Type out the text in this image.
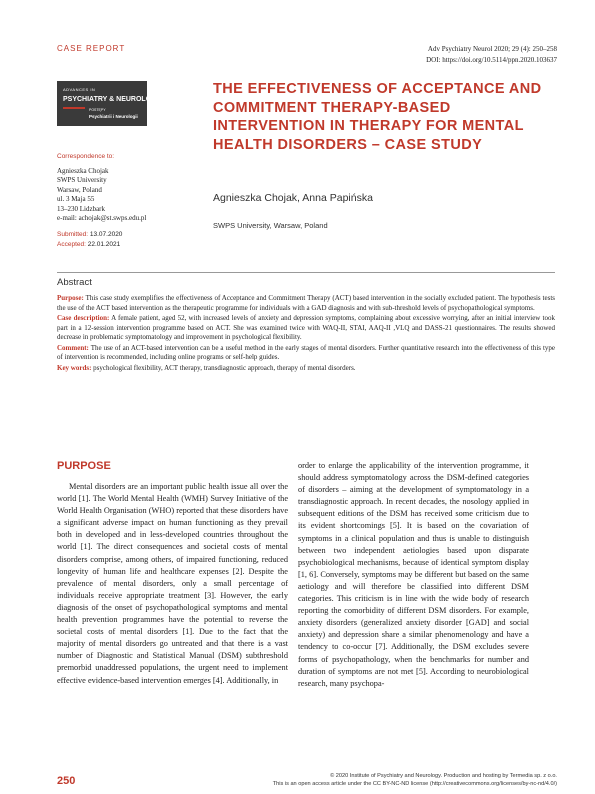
CASE REPORT	Adv Psychiatry Neurol 2020; 29 (4): 250–258
DOI: https://doi.org/10.5114/ppn.2020.103637
ADVANCES IN
PSYCHIATRY & NEUROLOGY
POSTĘPY
Psychiatrii i Neurologii
THE EFFECTIVENESS OF ACCEPTANCE AND COMMITMENT THERAPY-BASED INTERVENTION IN THERAPY FOR MENTAL HEALTH DISORDERS – CASE STUDY
Agnieszka Chojak, Anna Papińska
SWPS University, Warsaw, Poland
Correspondence to:
Agnieszka Chojak
SWPS University
Warsaw, Poland
ul. 3 Maja 55
13–230 Lidzbark
e-mail: achojak@st.swps.edu.pl
Submitted: 13.07.2020
Accepted: 22.01.2021
Abstract

Purpose: This case study exemplifies the effectiveness of Acceptance and Commitment Therapy (ACT) based intervention in the socially excluded patient. The hypothesis tests the use of the ACT based intervention as the therapeutic programme for individuals with a GAD diagnosis and with sub-threshold levels of psychopathological symptoms.

Case description: A female patient, aged 52, with increased levels of anxiety and depression symptoms, complaining about excessive worrying, after an initial interview took part in a 12-session intervention programme based on ACT. She was examined twice with WAQ-II, STAI, AAQ-II ,VLQ and DASS-21 questionnaires. The results showed decrease in problematic symptomatology and improvement in psychological flexibility.

Comment: The use of an ACT-based intervention can be a useful method in the early stages of mental disorders. Further quantitative research into the effectiveness of this type of intervention is recommended, including online programs or self-help guides.

Key words: psychological flexibility, ACT therapy, transdiagnostic approach, therapy of mental disorders.

PURPOSE

Mental disorders are an important public health issue all over the world [1]. The World Mental Health (WMH) Survey Initiative of the World Health Organisation (WHO) reported that these disorders have a significant adverse impact on human functioning as they prevail both in developed and in less-developed countries throughout the world [1]. The direct consequences and societal costs of mental disorders comprise, among others, of impaired functioning, reduced longevity of human life and healthcare expenses [2]. Despite the prevalence of mental disorders, only a small percentage of individuals receive appropriate treatment [3]. However, the early diagnosis of the onset of psychopathological symptoms and mental health prevention programmes have the potential to reverse the societal costs of mental disorders [1]. Due to the fact that the majority of mental disorders go untreated and that there is a vast number of Diagnostic and Statistical Manual (DSM) subthreshold premorbid unaddressed populations, the urgent need to implement effective evidence-based intervention emerges [4]. Additionally, in

order to enlarge the applicability of the intervention programme, it should address symptomatology across the DSM-defined categories of disorders – aiming at the development of symptomatology in a transdiagnostic approach. In recent decades, the nosology applied in subsequent editions of the DSM has received some criticism due to its evident shortcomings [5]. It is based on the covariation of symptoms in a clinical population and thus is unable to distinguish between two independent aetiologies based upon disparate psychobiological mechanisms, because of identical symptom display [1, 6]. Conversely, symptoms may be different but based on the same aetiology and will therefore be classified into different DSM categories. This criticism is in line with the wide body of research reporting the comorbidity of different DSM disorders. For example, anxiety disorders (generalized anxiety disorder [GAD] and social anxiety) and depression share a similar phenomenology and have a tendency to co-occur [7]. Additionally, the DSM excludes severe forms of psychopathology, when the benchmarks for number and duration of symptoms are not met [5]. According to neurobiological research, many psychopa-

250	© 2020 Institute of Psychiatry and Neurology. Production and hosting by Termedia sp. z o.o.
This is an open access article under the CC BY-NC-ND license (http://creativecommons.org/licenses/by-nc-nd/4.0/)
